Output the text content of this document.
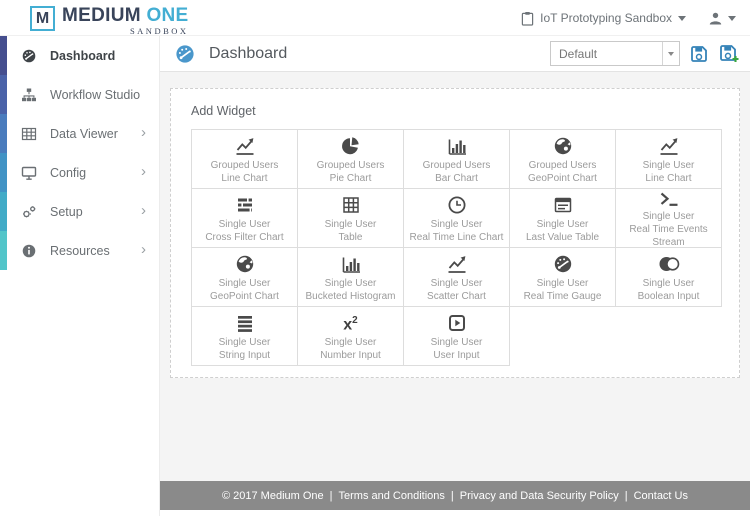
M MEDIUM ONE
SANDBOX
IoT Prototyping Sandbox
Dashboard
Workflow Studio
Data Viewer ›
Config	›
Setup	›
Resources ›
Dashboard	Default
Add Widget
Grouped Users
Line Chart
Grouped Users
Pie Chart
Grouped Users
Bar Chart
Grouped Users
GeoPoint Chart
Single User
Line Chart
Single User
Cross Filter Chart
Single User
Table
Single User
Real Time Line Chart
Single User
Last Value Table
Single User
Real Time Events Stream
Single User
GeoPoint Chart
Single User
Bucketed Histogram
Single User
Scatter Chart
Single User
Real Time Gauge
Single User
Boolean Input
Single User
String Input
$x^2$
Single User
Number Input
Single User
User Input
© 2017 Medium One | Terms and Conditions | Privacy and Data Security Policy | Contact Us
